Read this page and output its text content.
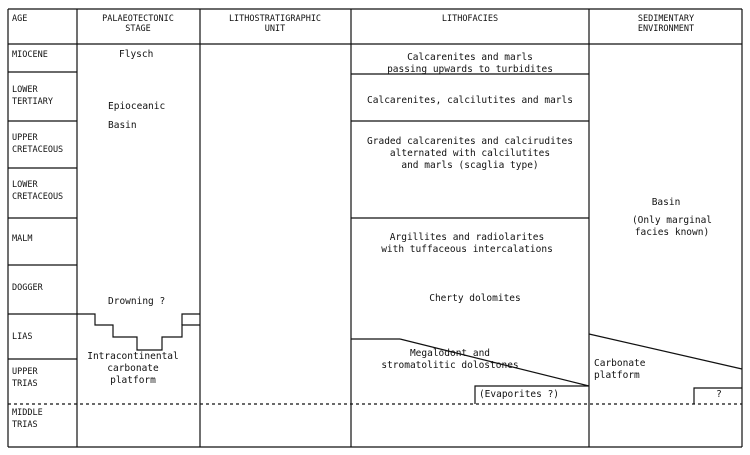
AGE	PALAEOTECTONIC
STAGE
LITHOSTRATIGRAPHIC
UNIT
LITHOFACIES	SEDIMENTARY
ENVIRONMENT
MIOCENE
LOWER
TERTIARY
UPPER
CRETACEOUS
LOWER
CRETACEOUS
MALM
DOGGER
LIAS
UPPER
TRIAS
MIDDLE
TRIAS
Flysch
Epioceanic
Basin
Drowning ?
Intracontinental
carbonate
platform
Calcarenites and marls
passing upwards to turbidites
Calcarenites, calcilutites and marls
Graded calcarenites and calcirudites
alternated with calcilutites
and marls (scaglia type)
Argillites and radiolarites
with tuffaceous intercalations
Cherty dolomites
Megalodont and
stromatolitic dolostones
(Evaporites ?)
Basin
(Only marginal
facies known)
Carbonate
platform
?
